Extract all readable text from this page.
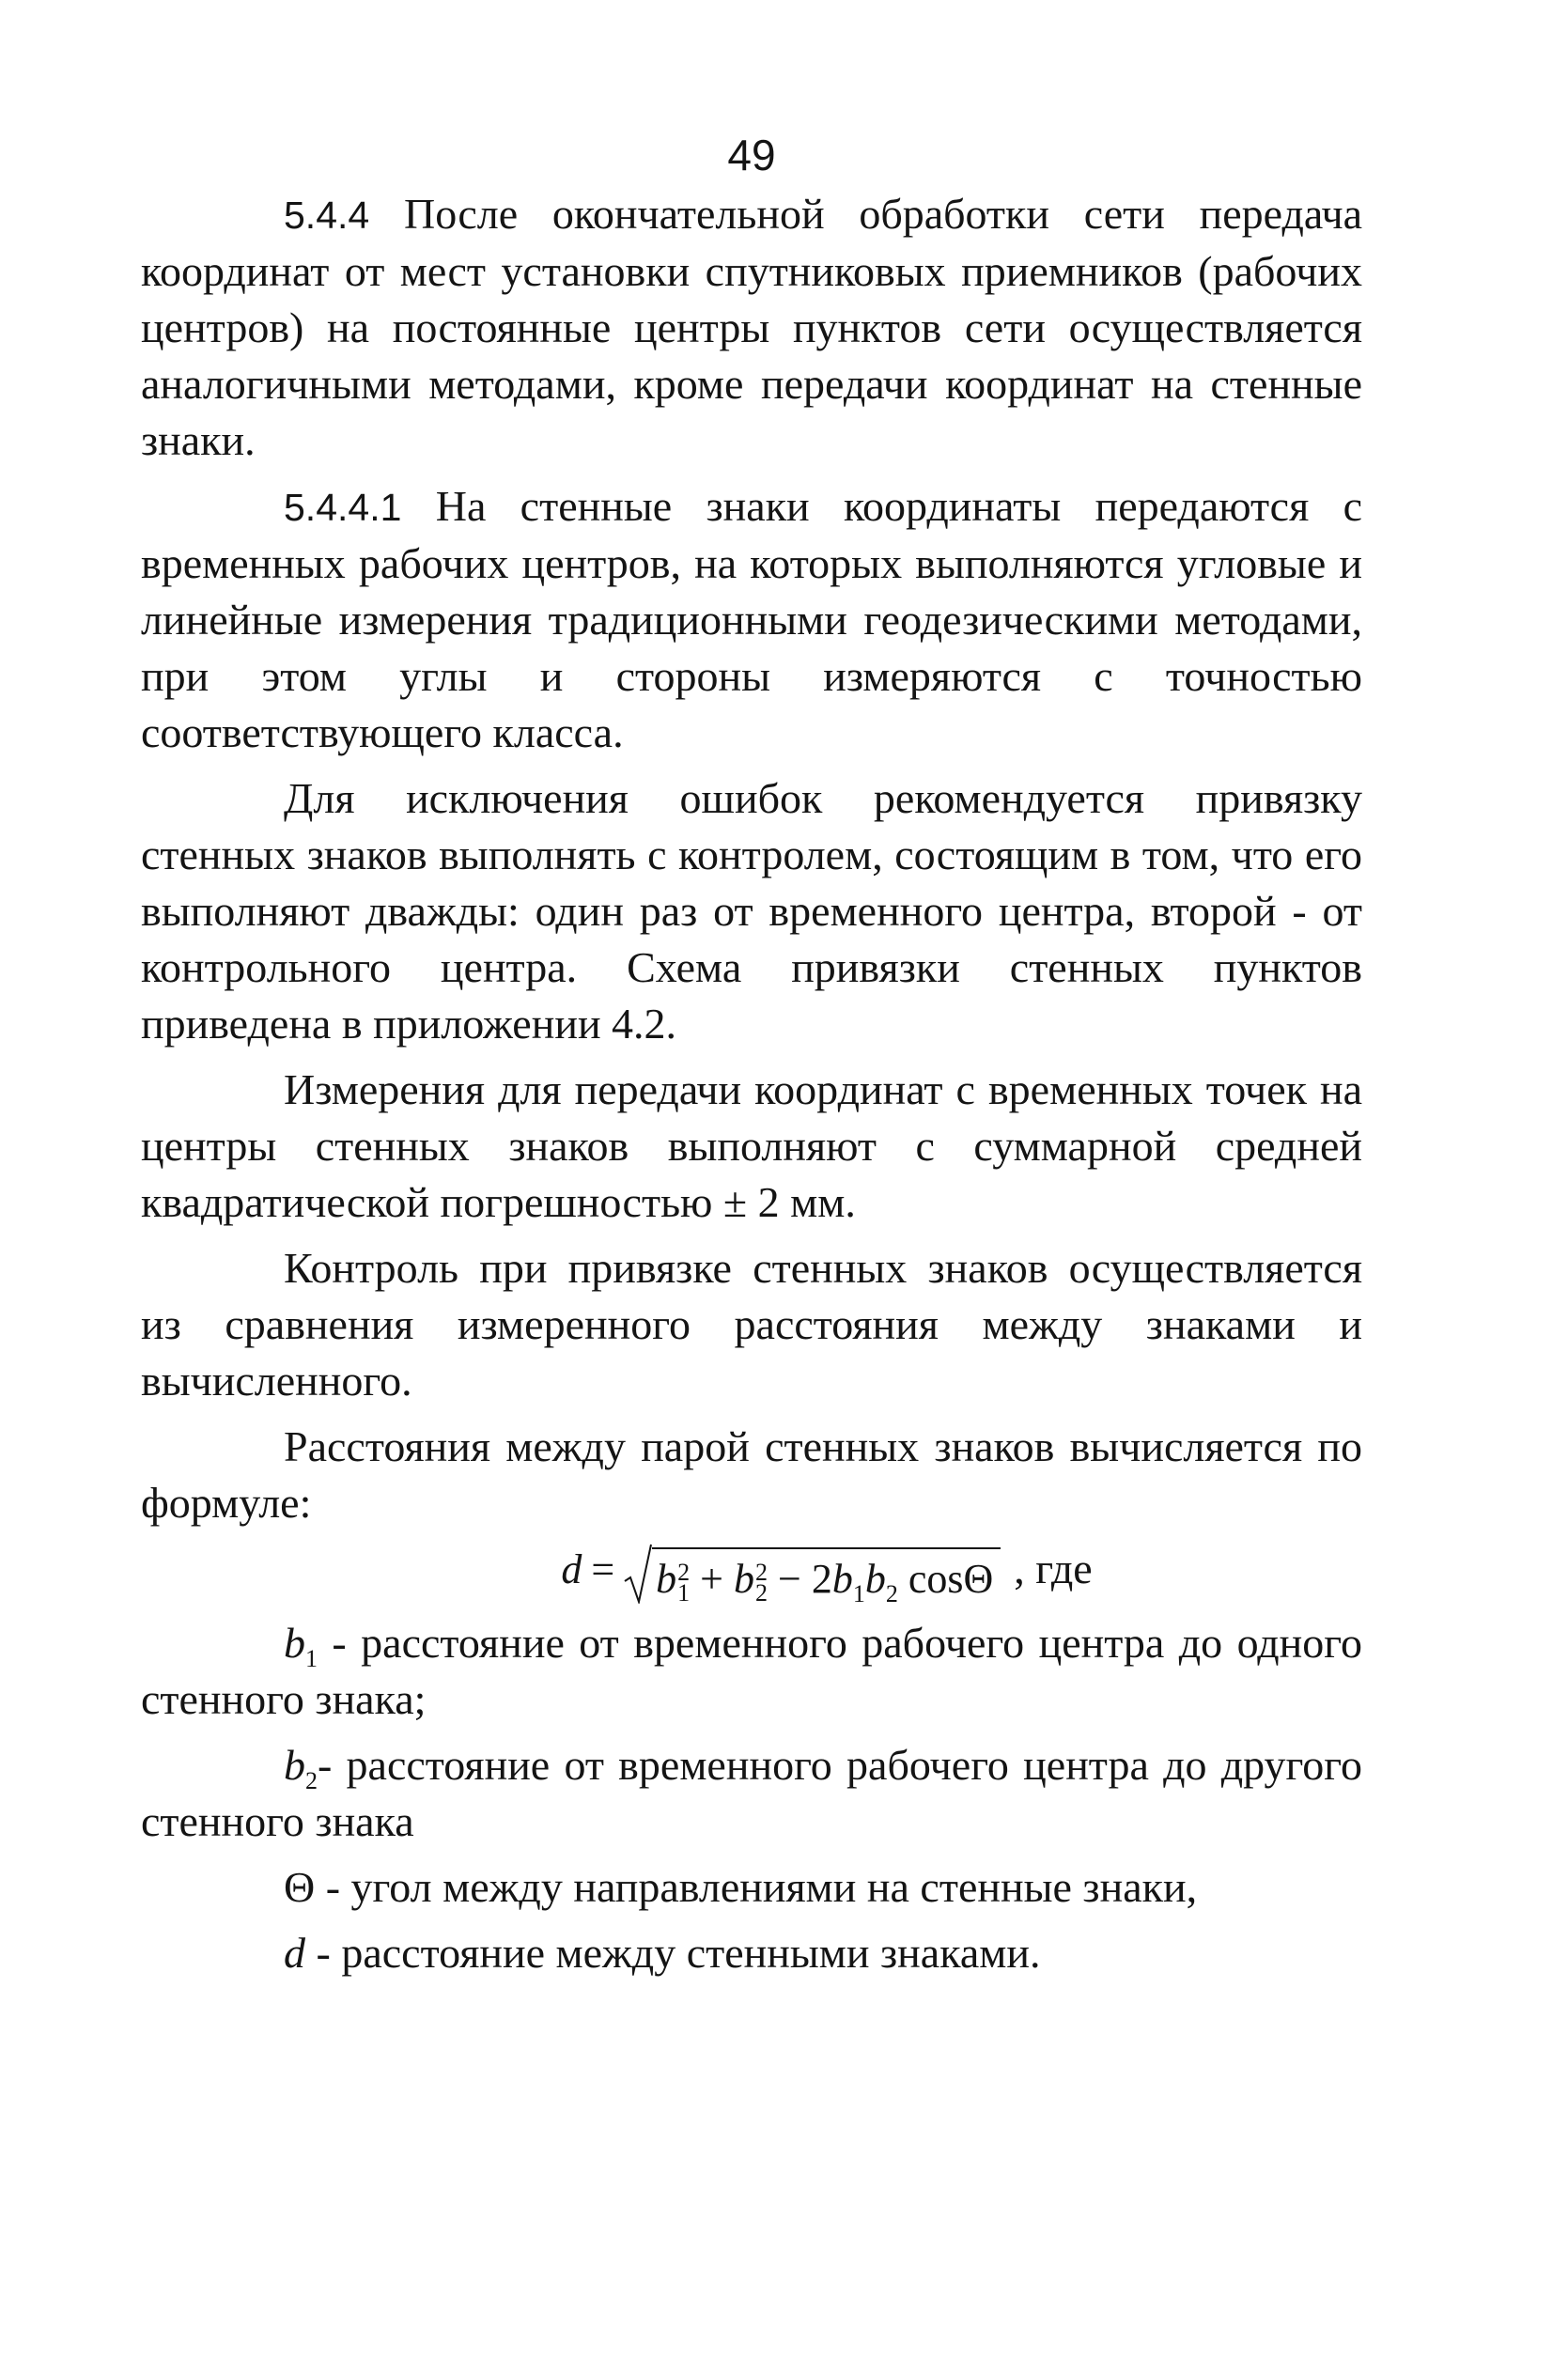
49

5.4.4 После окончательной обработки сети передача координат от мест установки спутниковых приемников (рабочих центров) на постоянные центры пунктов сети осуществляется аналогичными методами, кроме передачи координат на стенные знаки.

5.4.4.1 На стенные знаки координаты передаются с временных рабочих центров, на которых выполняются угловые и линейные измерения традиционными геодезическими методами, при этом углы и стороны измеряются с точностью соответствующего класса.

Для исключения ошибок рекомендуется привязку стенных знаков выполнять с контролем, состоящим в том, что его выполняют дважды: один раз от временного центра, второй - от контрольного центра. Схема привязки стенных пунктов приведена в приложении 4.2.

Измерения для передачи координат с временных точек на центры стенных знаков выполняют с суммарной средней квадратической погрешностью ± 2 мм.

Контроль при привязке стенных знаков осуществляется из сравнения измеренного расстояния между знаками и вычисленного.

Расстояния между парой стенных знаков вычисляется по формуле:

d = b 2
1 + b 2
$2 - 2b_1b_2$ cosΘ , где

$b_1$ - расстояние от временного рабочего центра до одного стенного знака;

$b_2-$ расстояние от временного рабочего центра до другого стенного знака

Θ - угол между направлениями на стенные знаки,

d - расстояние между стенными знаками.
